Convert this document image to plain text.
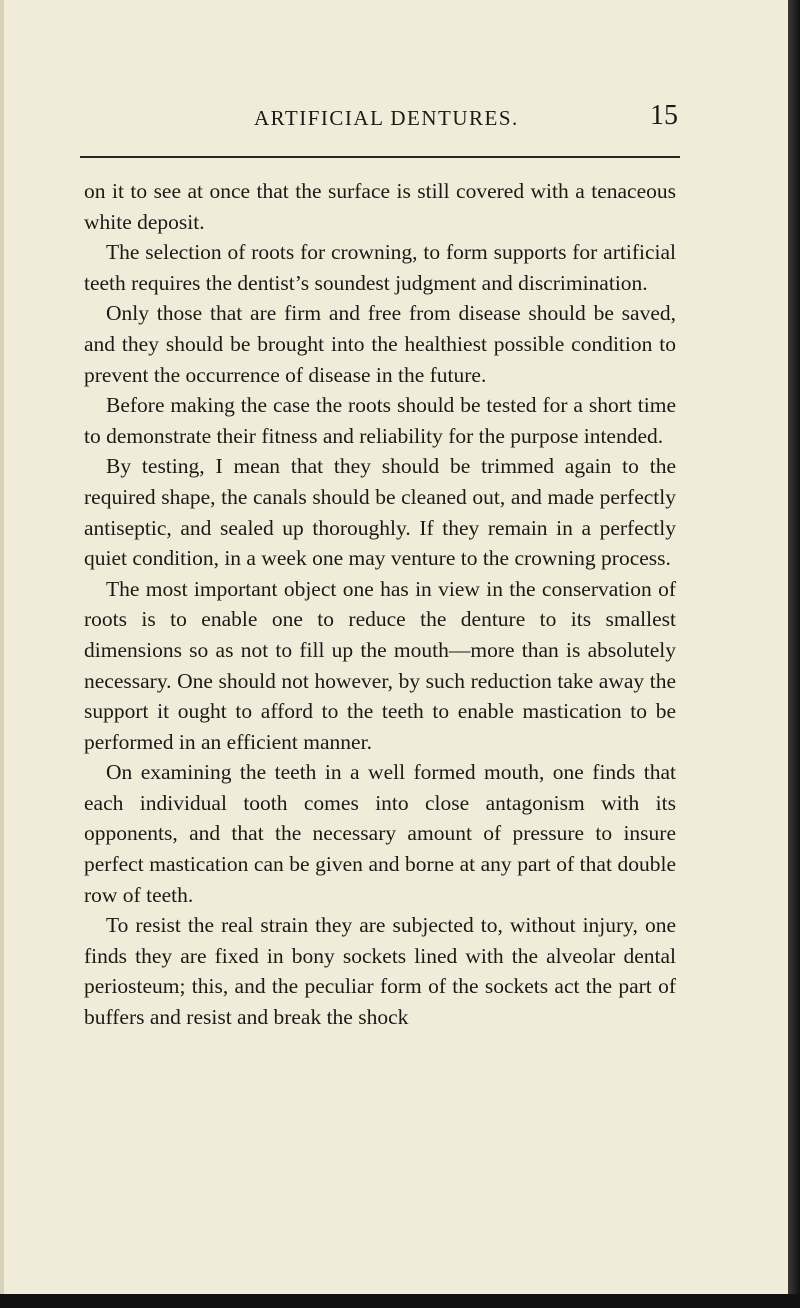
ARTIFICIAL DENTURES.	15

on it to see at once that the surface is still covered with a tenaceous white deposit.

The selection of roots for crowning, to form supports for artificial teeth requires the dentist’s soundest judgment and discrimination.

Only those that are firm and free from disease should be saved, and they should be brought into the healthiest possible condition to prevent the occurrence of disease in the future.

Before making the case the roots should be tested for a short time to demonstrate their fitness and reliability for the purpose intended.

By testing, I mean that they should be trimmed again to the required shape, the canals should be cleaned out, and made perfectly antiseptic, and sealed up thoroughly. If they remain in a perfectly quiet condition, in a week one may venture to the crowning process.

The most important object one has in view in the conservation of roots is to enable one to reduce the denture to its smallest dimensions so as not to fill up the mouth—more than is absolutely necessary. One should not however, by such reduction take away the support it ought to afford to the teeth to enable mastication to be performed in an efficient manner.

On examining the teeth in a well formed mouth, one finds that each individual tooth comes into close antagonism with its opponents, and that the necessary amount of pressure to insure perfect mastication can be given and borne at any part of that double row of teeth.

To resist the real strain they are subjected to, without injury, one finds they are fixed in bony sockets lined with the alveolar dental periosteum; this, and the peculiar form of the sockets act the part of buffers and resist and break the shock
